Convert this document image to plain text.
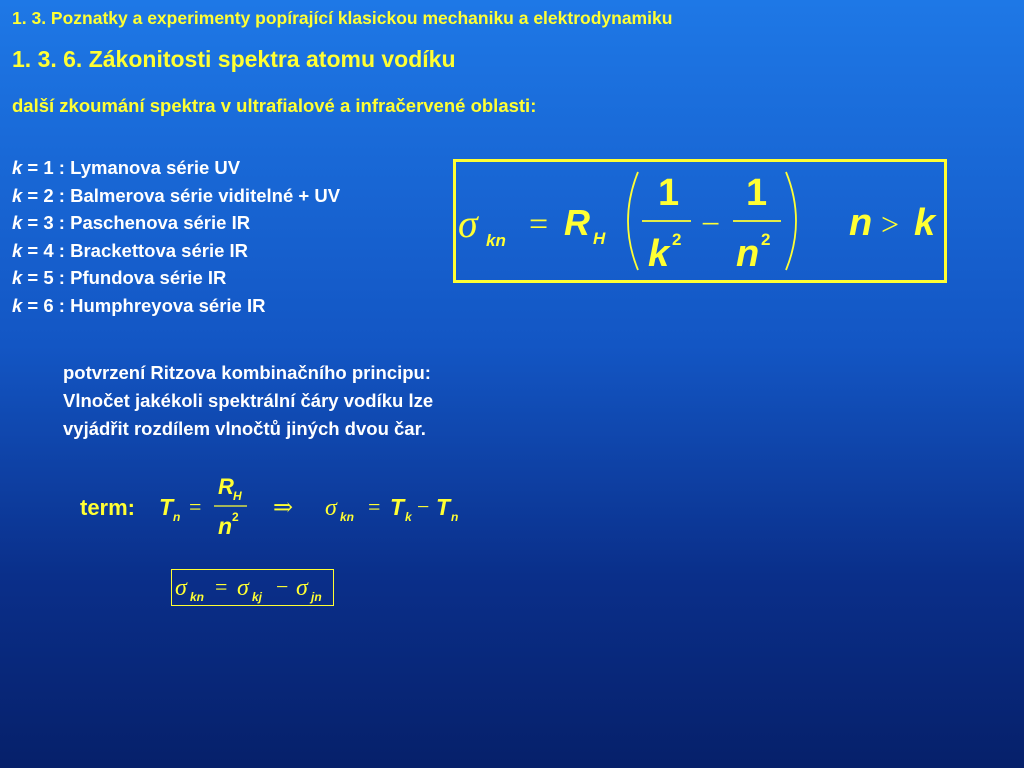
1. 3. Poznatky a experimenty popírající klasickou mechaniku a elektrodynamiku
1. 3. 6. Zákonitosti spektra atomu vodíku
další zkoumání spektra v ultrafialové a infračervené oblasti:
k = 1 : Lymanova série UV
k = 2 : Balmerova série viditelné + UV
k = 3 : Paschenova série IR
k = 4 : Brackettova série IR
k = 5 : Pfundova série IR
k = 6 : Humphreyova série IR
σ kn = R H
1
k 2 −
1
n 2 n > k
potvrzení Ritzova kombinačního principu:
Vlnočet jakékoli spektrální čáry vodíku lze
vyjádřit rozdílem vlnočtů jiných dvou čar.
term: T n =
R H
n 2 ⇒ σ kn = T k − T n
σ kn = σ kj − σ jn
